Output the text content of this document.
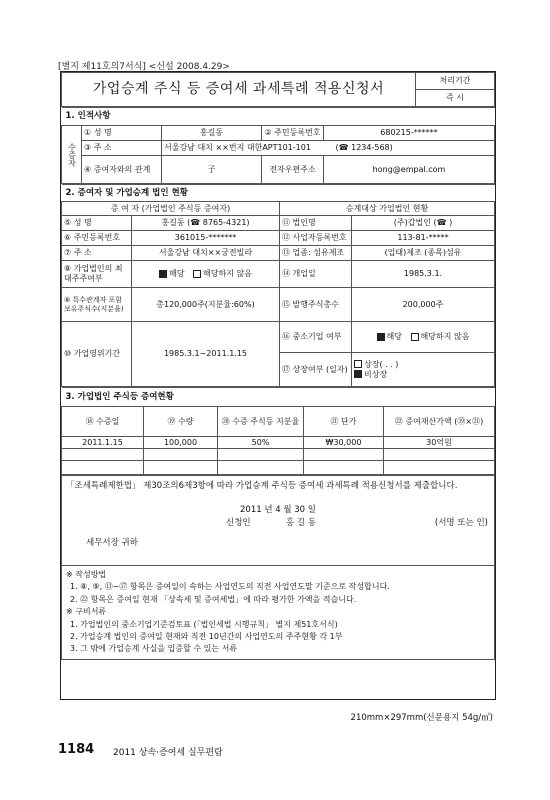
[별지 제11호의7서식] <신설 2008.4.29>
가업승계 주식 등 증여세 과세특례 적용신청서	처리기간
즉 시
1. 인적사항				
수증자	① 성 명	홍길동	② 주민등록번호	680215-******
	③ 주 소	서울강남 대치 ××번지 대한APT101-101 (☎ 1234-568)		
	④ 증여자와의 관계	子	전자우편주소	hong@empal.com
2. 증여자 및 가업승계 법인 현황			
증 여 자 (가업법인 주식등 증여자)		승계대상 가업법인 현황	
⑤ 성 명	홍길동 (☎ 8765-4321)	⑪ 법인명	(주)갑법인 (☎ )
⑥ 주민등록번호	361015-*******	⑫ 사업자등록번호	113-81-*****
⑦ 주 소	서울강남 대치××궁전빌라	⑬ 업종: 섬유제조	(업태)제조 (종목)섬유
⑧ 가업법인의 최대주주여부	해당 해당하지 않음	⑭ 개업일	1985.3.1.
⑨ 특수관계자 포함 보유주식수(지분율)	총120,000주(지분율:60%)	⑮ 발행주식총수	200,000주
⑩ 가업영위기간	1985.3.1∼2011.1.15	⑯ 중소기업 여부	해당 해당하지 않음
		⑰ 상장여부 (일자)	상장( . . )
비상장
3. 가업법인 주식등 증여현황				
⑱ 수증일	⑲ 수량	⑳ 수증 주식등 지분율	㉑ 단가	㉒ 증여재산가액 (⑲×㉑)
2011.1.15	100,000	50%	₩30,000	30억원

「조세특례제한법」 제30조의6제3항에 따라 가업승계 주식등 증여세 과세특례 적용신청서를 제출합니다.
2011 년 4 월 30 일
신청인	홍 길 동	(서명 또는 인)
세무서장 귀하

※ 작성방법
1. ⑧, ⑨, ⑬∼⑰ 항목은 증여일이 속하는 사업연도의 직전 사업연도말 기준으로 작성합니다.
2. ㉒ 항목은 증여일 현재 「상속세 및 증여세법」에 따라 평가한 가액을 적습니다.
※ 구비서류
1. 가업법인의 중소기업기준검토표 (「법인세법 시행규칙」 별지 제51호서식)
2. 가업승계 법인의 증여일 현재와 직전 10년간의 사업연도의 주주현황 각 1부
3. 그 밖에 가업승계 사실을 입증할 수 있는 서류
210mm×297mm(신문용지 54g/㎡)
1184 2011 상속·증여세 실무편람
